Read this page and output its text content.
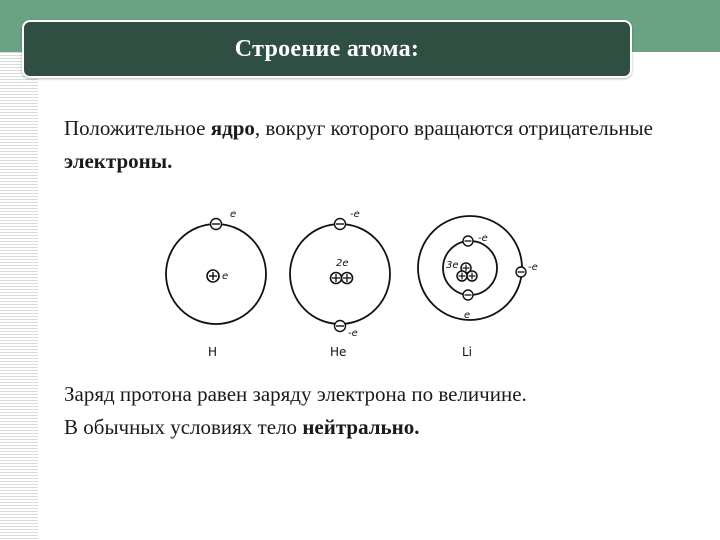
Строение атома:

Положительное ядро, вокруг которого вращаются отрицательные электроны.

e
e
H
-e
-e
2e
He
-e
e
-e
3e
Li

Заряд протона равен заряду электрона по величине.
В обычных условиях тело нейтрально.
